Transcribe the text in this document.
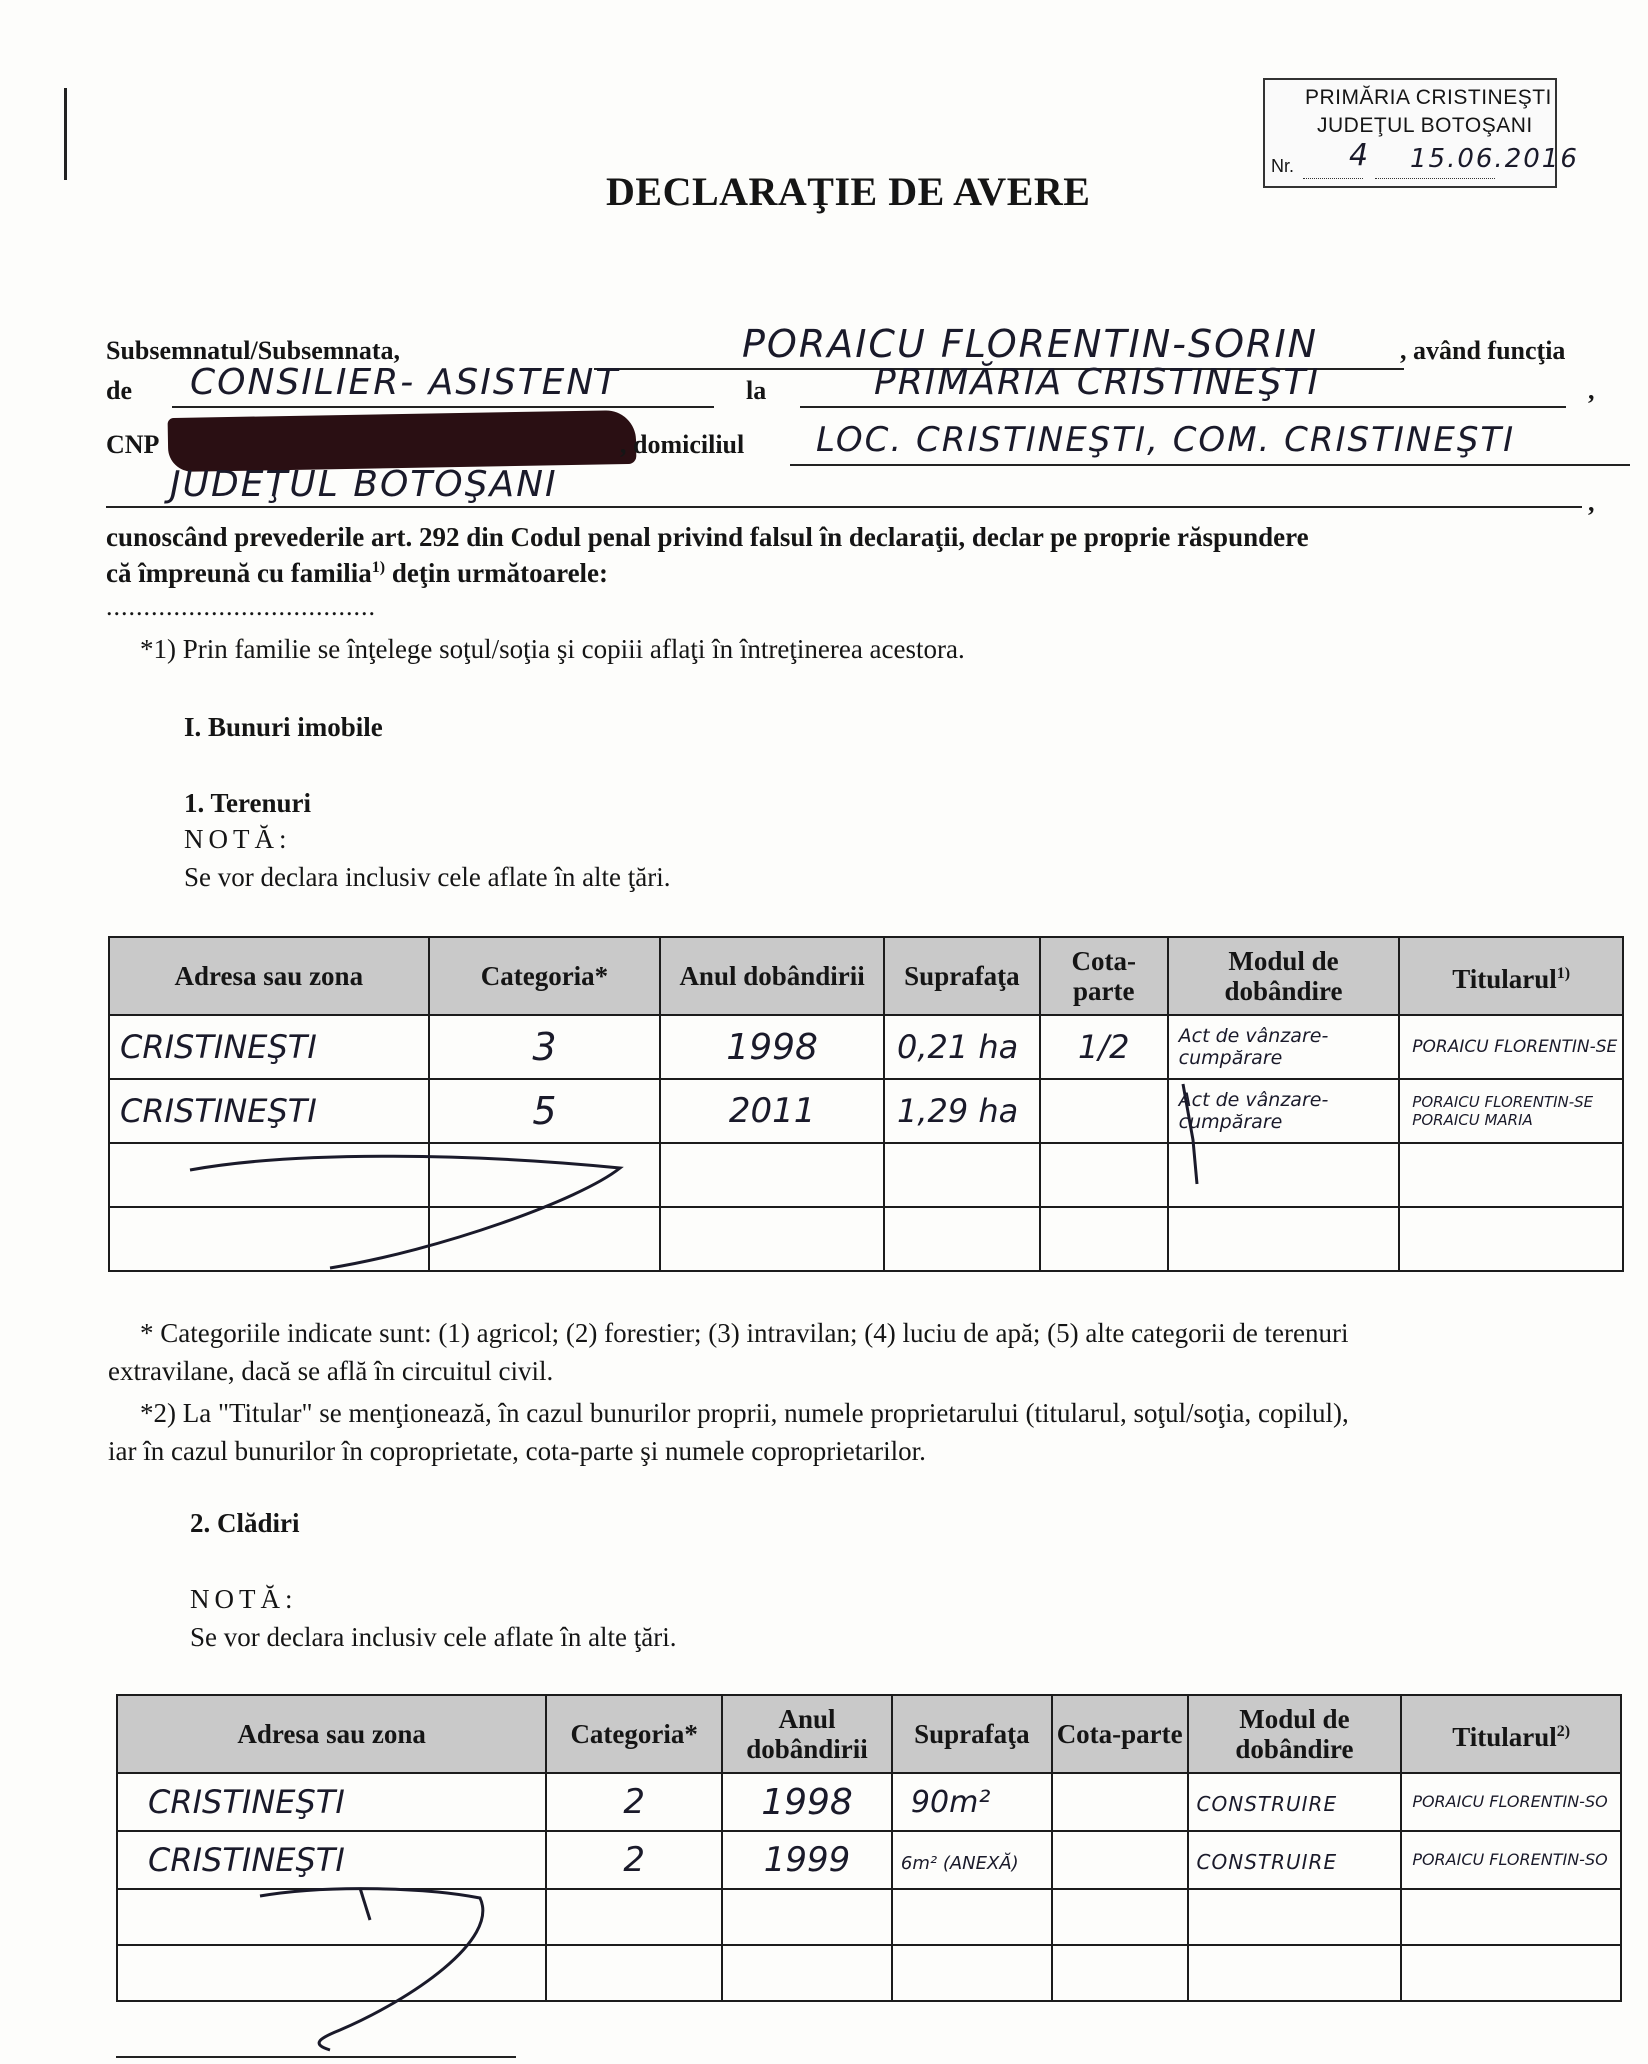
PRIMĂRIA CRISTINEŞTI
JUDEŢUL BOTOŞANI
Nr. 4 15.06.2016
DECLARAŢIE DE AVERE
Subsemnatul/Subsemnata,	PORAICU FLORENTIN-SORIN	, având funcţia
de CONSILIER- ASISTENT	la	PRIMĂRIA CRISTINEŞTI	,
CNP	, domiciliul LOC. CRISTINEŞTI, COM. CRISTINEŞTI
JUDEŢUL BOTOŞANI	,
cunoscând prevederile art. 292 din Codul penal privind falsul în declaraţii, declar pe proprie răspundere
că împreună cu familia$^{1)}$ deţin următoarele:
....................................
*1) Prin familie se înţelege soţul/soţia şi copiii aflaţi în întreţinerea acestora.
I. Bunuri imobile
1. Terenuri
NOTĂ:
Se vor declara inclusiv cele aflate în alte ţări.
Adresa sau zona	Categoria*	Anul dobândirii	Suprafaţa	Cota-parte	Modul de dobândire	Titularul$^{1)}$
CRISTINEŞTI	3	1998	0,21 ha	1/2	Act de vânzare-cumpărare	PORAICU FLORENTIN-SE

CRISTINEŞTI	5	2011	1,29 ha		Act de vânzare-cumpărare	PORAICU FLORENTIN-SE PORAICU MARIA

* Categoriile indicate sunt: (1) agricol; (2) forestier; (3) intravilan; (4) luciu de apă; (5) alte categorii de terenuri
extravilane, dacă se află în circuitul civil.
*2) La "Titular" se menţionează, în cazul bunurilor proprii, numele proprietarului (titularul, soţul/soţia, copilul),
iar în cazul bunurilor în coproprietate, cota-parte şi numele coproprietarilor.
2. Clădiri
NOTĂ:
Se vor declara inclusiv cele aflate în alte ţări.
Adresa sau zona	Categoria*	Anul dobândirii	Suprafaţa	Cota-parte	Modul de dobândire	Titularul$^{2)}$
CRISTINEŞTI	2	1998	90m²		CONSTRUIRE	PORAICU FLORENTIN-SO

CRISTINEŞTI	2	1999	6m² (ANEXĂ)		CONSTRUIRE	PORAICU FLORENTIN-SO
